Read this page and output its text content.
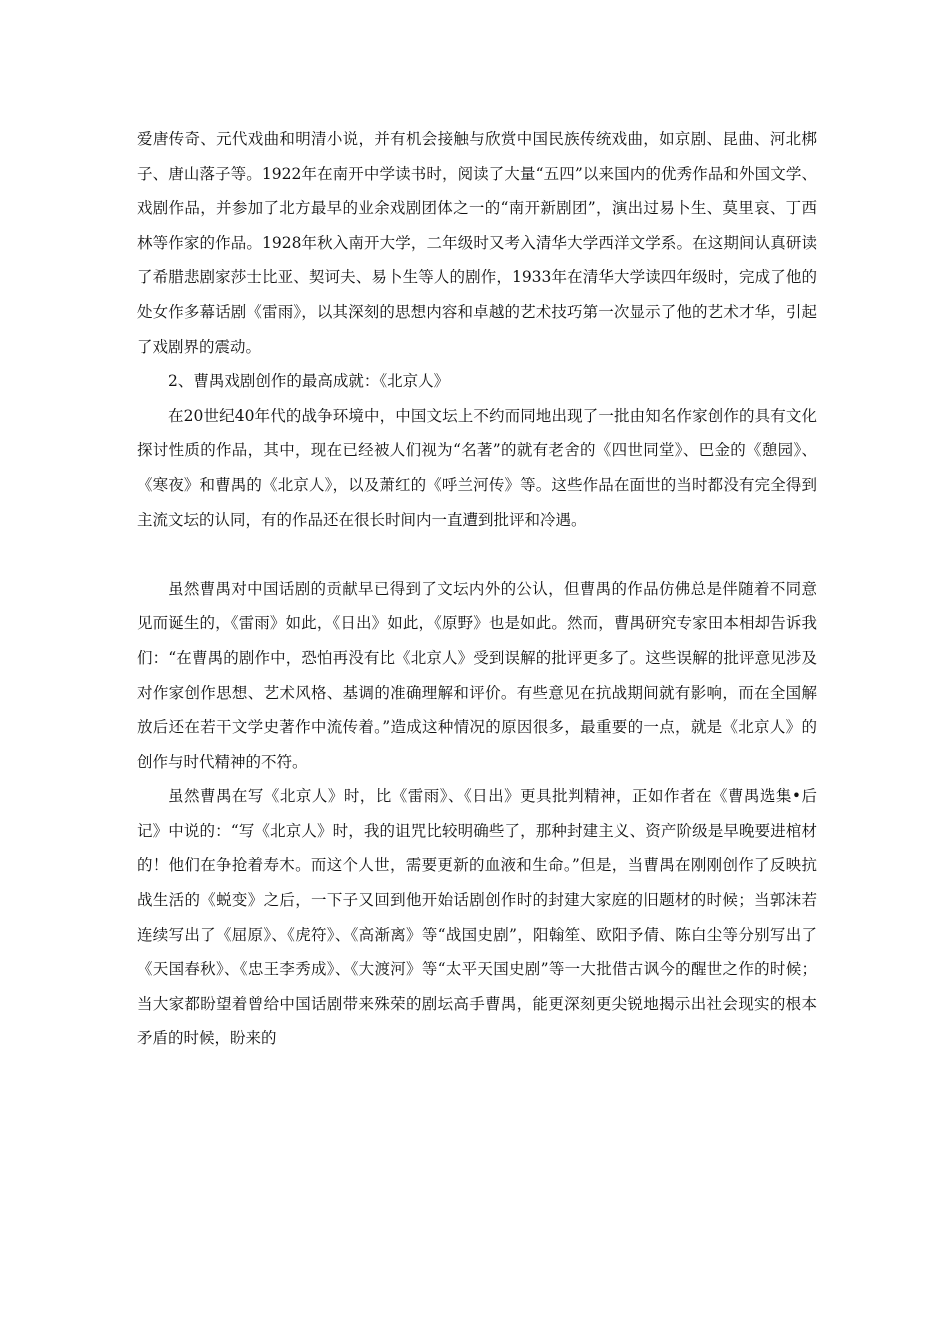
爱唐传奇、元代戏曲和明清小说，并有机会接触与欣赏中国民族传统戏曲，如京剧、昆曲、河北梆子、唐山落子等。1922年在南开中学读书时，阅读了大量“五四”以来国内的优秀作品和外国文学、戏剧作品，并参加了北方最早的业余戏剧团体之一的“南开新剧团”，演出过易卜生、莫里哀、丁西林等作家的作品。1928年秋入南开大学，二年级时又考入清华大学西洋文学系。在这期间认真研读了希腊悲剧家莎士比亚、契诃夫、易卜生等人的剧作，1933年在清华大学读四年级时，完成了他的处女作多幕话剧《雷雨》，以其深刻的思想内容和卓越的艺术技巧第一次显示了他的艺术才华，引起了戏剧界的震动。

2、曹禺戏剧创作的最高成就：《北京人》

在20世纪40年代的战争环境中，中国文坛上不约而同地出现了一批由知名作家创作的具有文化探讨性质的作品，其中，现在已经被人们视为“名著”的就有老舍的《四世同堂》、巴金的《憩园》、《寒夜》和曹禺的《北京人》，以及萧红的《呼兰河传》等。这些作品在面世的当时都没有完全得到主流文坛的认同，有的作品还在很长时间内一直遭到批评和冷遇。

虽然曹禺对中国话剧的贡献早已得到了文坛内外的公认，但曹禺的作品仿佛总是伴随着不同意见而诞生的，《雷雨》如此，《日出》如此，《原野》也是如此。然而，曹禺研究专家田本相却告诉我们：“在曹禺的剧作中，恐怕再没有比《北京人》受到误解的批评更多了。这些误解的批评意见涉及对作家创作思想、艺术风格、基调的准确理解和评价。有些意见在抗战期间就有影响，而在全国解放后还在若干文学史著作中流传着。”造成这种情况的原因很多，最重要的一点，就是《北京人》的创作与时代精神的不符。

虽然曹禺在写《北京人》时，比《雷雨》、《日出》更具批判精神，正如作者在《曹禺选集•后记》中说的：“写《北京人》时，我的诅咒比较明确些了，那种封建主义、资产阶级是早晚要进棺材的！他们在争抢着寿木。而这个人世，需要更新的血液和生命。”但是，当曹禺在刚刚创作了反映抗战生活的《蜕变》之后，一下子又回到他开始话剧创作时的封建大家庭的旧题材的时候；当郭沫若连续写出了《屈原》、《虎符》、《高渐离》等“战国史剧”，阳翰笙、欧阳予倩、陈白尘等分别写出了《天国春秋》、《忠王李秀成》、《大渡河》等“太平天国史剧”等一大批借古讽今的醒世之作的时候；当大家都盼望着曾给中国话剧带来殊荣的剧坛高手曹禺，能更深刻更尖锐地揭示出社会现实的根本矛盾的时候，盼来的
